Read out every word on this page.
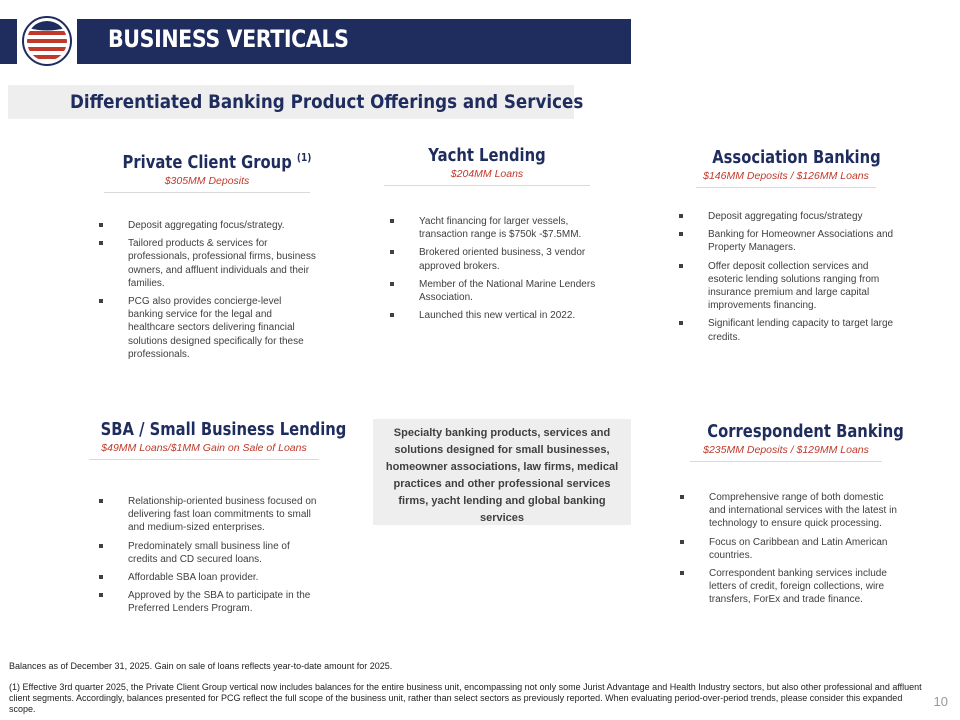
BUSINESS VERTICALS
Differentiated Banking Product Offerings and Services
Private Client Group $^{(1)}$
$305MM Deposits
Deposit aggregating focus/strategy.
Tailored products & services for professionals, professional firms, business owners, and affluent individuals and their families.
PCG also provides concierge-level banking service for the legal and healthcare sectors delivering financial solutions designed specifically for these professionals.
Yacht Lending
$204MM Loans
Yacht financing for larger vessels, transaction range is $750k -$7.5MM.
Brokered oriented business, 3 vendor approved brokers.
Member of the National Marine Lenders Association.
Launched this new vertical in 2022.
Association Banking
$146MM Deposits / $126MM Loans
Deposit aggregating focus/strategy
Banking for Homeowner Associations and Property Managers.
Offer deposit collection services and esoteric lending solutions ranging from insurance premium and large capital improvements financing.
Significant lending capacity to target large credits.
SBA / Small Business Lending
$49MM Loans/$1MM Gain on Sale of Loans
Relationship-oriented business focused on delivering fast loan commitments to small and medium-sized enterprises.
Predominately small business line of credits and CD secured loans.
Affordable SBA loan provider.
Approved by the SBA to participate in the Preferred Lenders Program.
Specialty banking products, services and solutions designed for small businesses, homeowner associations, law firms, medical practices and other professional services firms, yacht lending and global banking services
Correspondent Banking
$235MM Deposits / $129MM Loans
Comprehensive range of both domestic and international services with the latest in technology to ensure quick processing.
Focus on Caribbean and Latin American countries.
Correspondent banking services include letters of credit, foreign collections, wire transfers, ForEx and trade finance.
Balances as of December 31, 2025. Gain on sale of loans reflects year-to-date amount for 2025.
(1) Effective 3rd quarter 2025, the Private Client Group vertical now includes balances for the entire business unit, encompassing not only some Jurist Advantage and Health Industry sectors, but also other professional and affluent client segments. Accordingly, balances presented for PCG reflect the full scope of the business unit, rather than select sectors as previously reported. When evaluating period-over-period trends, please consider this expanded scope.	10
